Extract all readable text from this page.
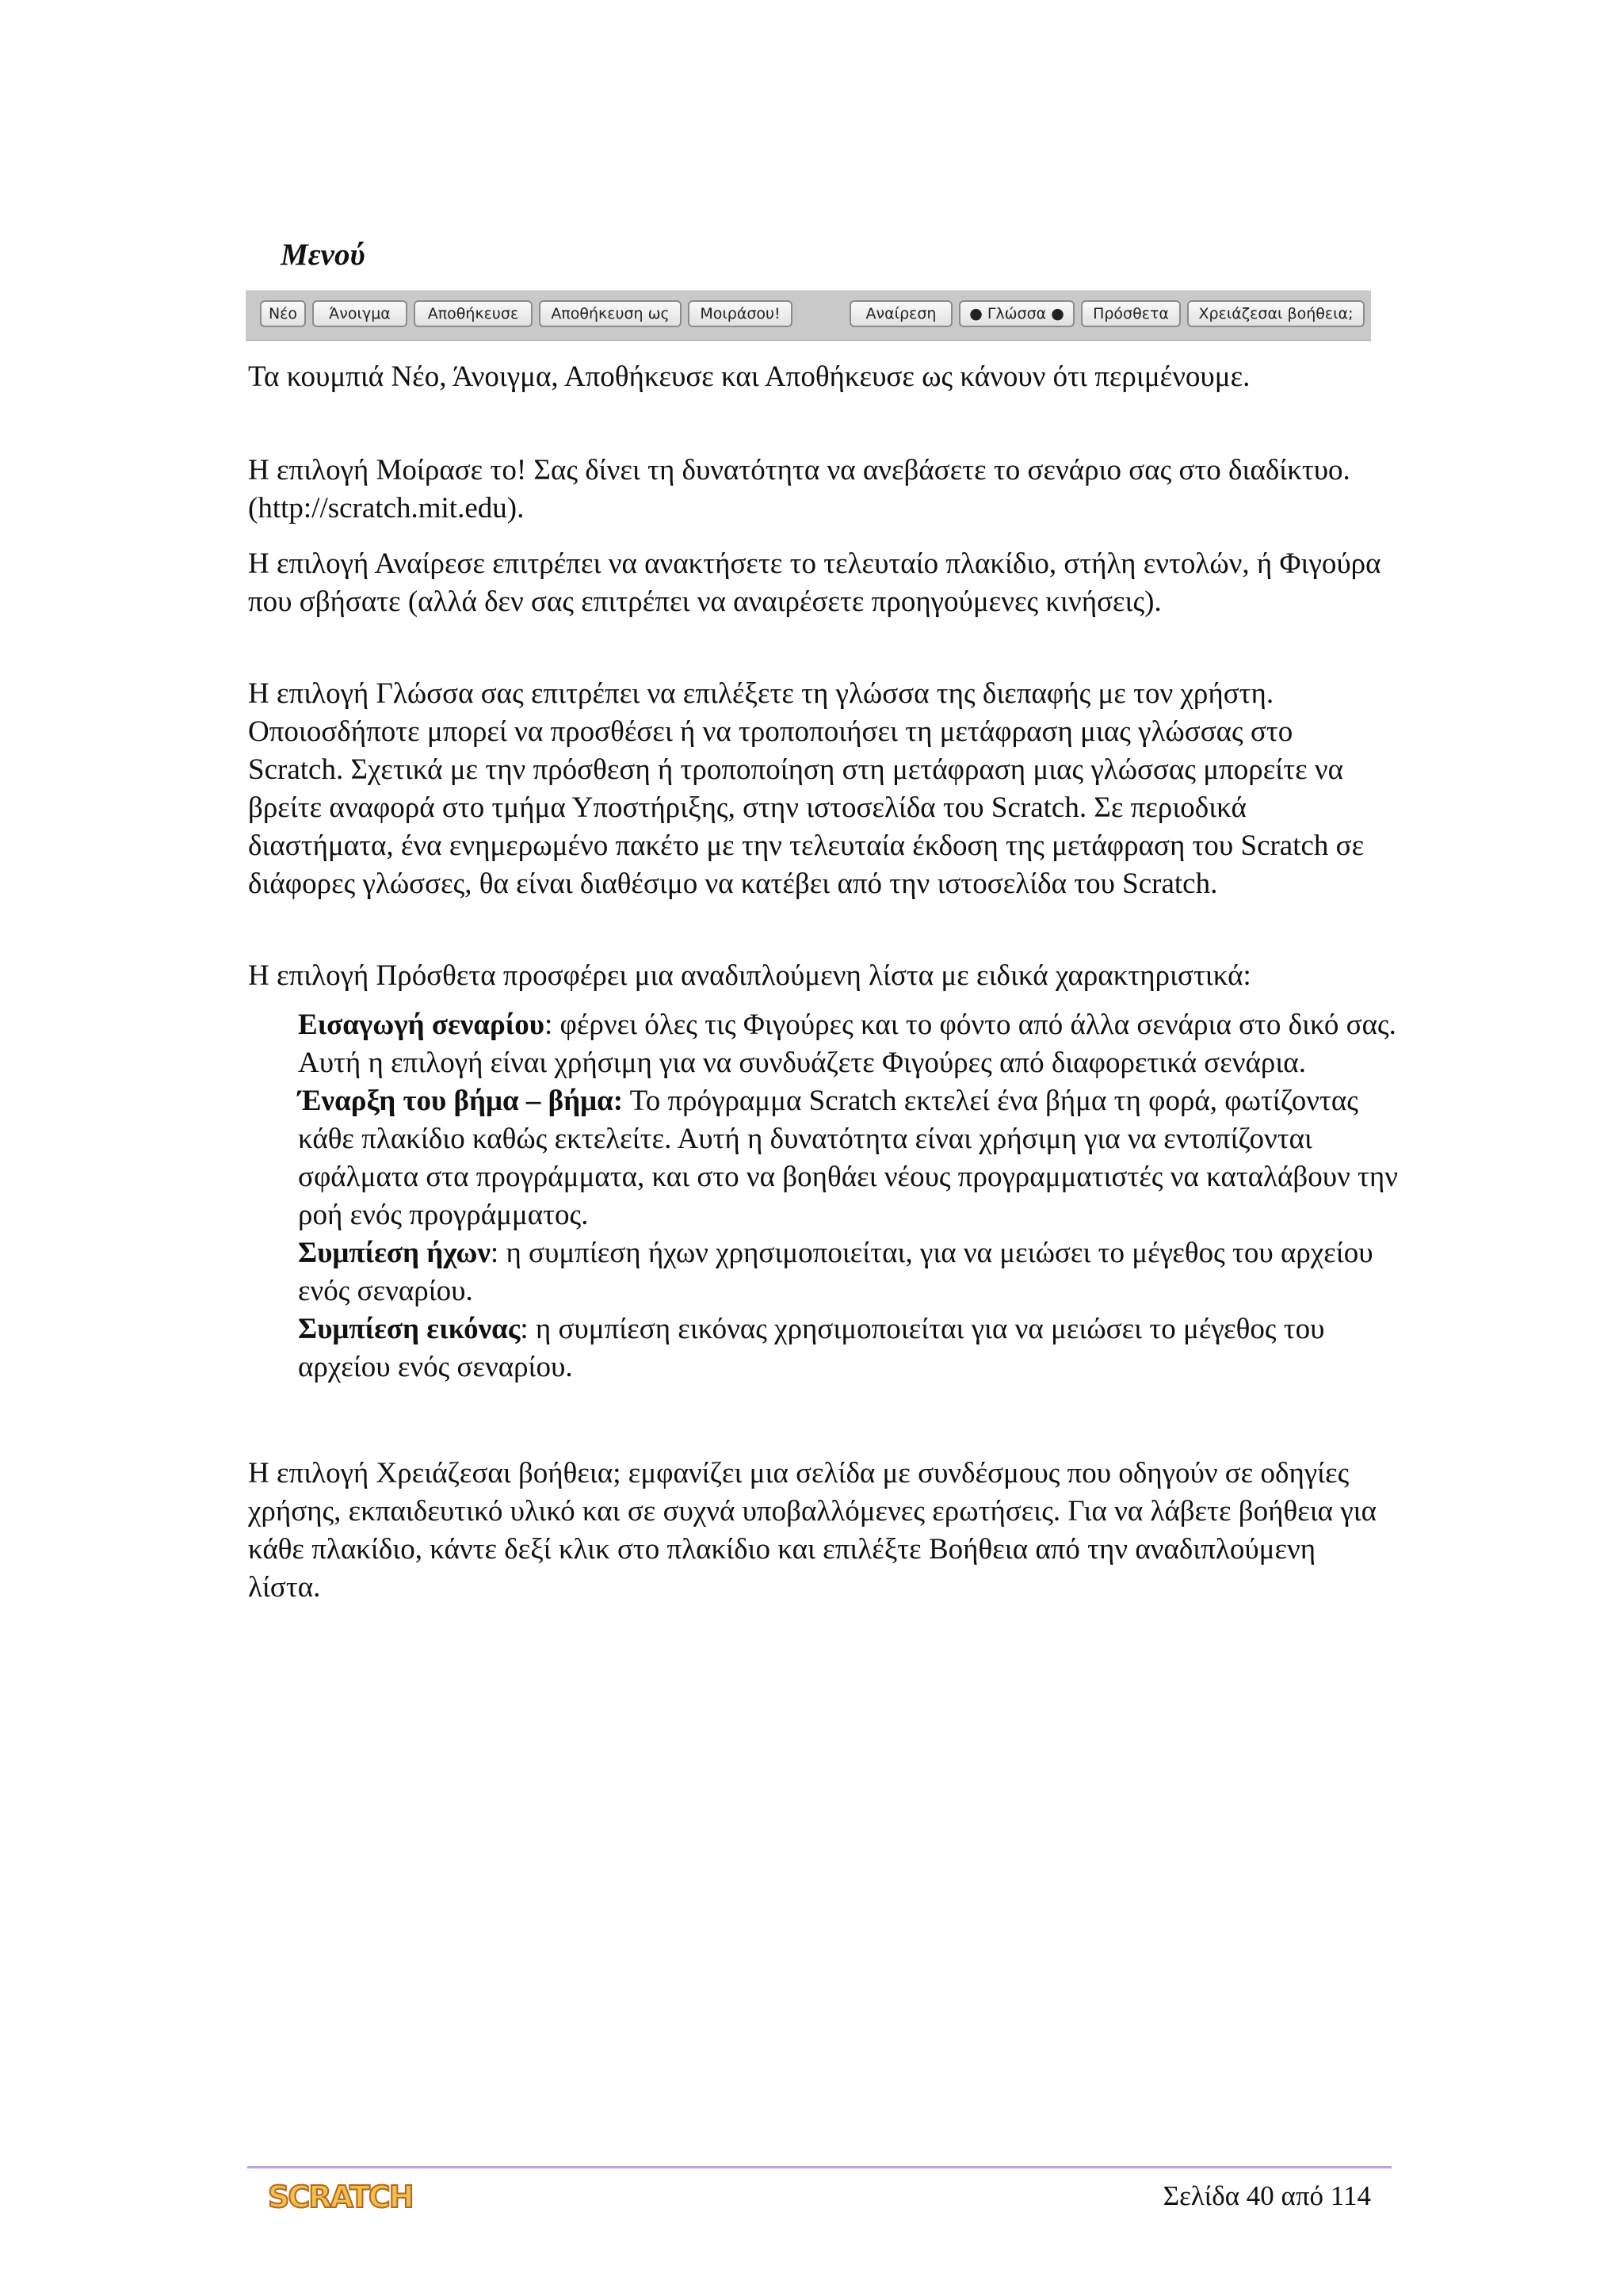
Μενού
Νέο	Άνοιγμα	Αποθήκευσε	Αποθήκευση ως	Μοιράσου!	Αναίρεση	● Γλώσσα ●	Πρόσθετα	Χρειάζεσαι βοήθεια;

Τα κουμπιά Νέο, Άνοιγμα, Αποθήκευσε και Αποθήκευσε ως κάνουν ότι περιμένουμε.

Η επιλογή Μοίρασε το! Σας δίνει τη δυνατότητα να ανεβάσετε το σενάριο σας στο διαδίκτυο. (http://scratch.mit.edu).

Η επιλογή Αναίρεσε επιτρέπει να ανακτήσετε το τελευταίο πλακίδιο, στήλη εντολών, ή Φιγούρα που σβήσατε (αλλά δεν σας επιτρέπει να αναιρέσετε προηγούμενες κινήσεις).

Η επιλογή Γλώσσα σας επιτρέπει να επιλέξετε τη γλώσσα της διεπαφής με τον χρήστη. Οποιοσδήποτε μπορεί να προσθέσει ή να τροποποιήσει τη μετάφραση μιας γλώσσας στο Scratch. Σχετικά με την πρόσθεση ή τροποποίηση στη μετάφραση μιας γλώσσας μπορείτε να βρείτε αναφορά στο τμήμα Υποστήριξης, στην ιστοσελίδα του Scratch. Σε περιοδικά διαστήματα, ένα ενημερωμένο πακέτο με την τελευταία έκδοση της μετάφραση του Scratch σε διάφορες γλώσσες, θα είναι διαθέσιμο να κατέβει από την ιστοσελίδα του Scratch.

Η επιλογή Πρόσθετα προσφέρει μια αναδιπλούμενη λίστα με ειδικά χαρακτηριστικά:

Εισαγωγή σεναρίου: φέρνει όλες τις Φιγούρες και το φόντο από άλλα σενάρια στο δικό σας. Αυτή η επιλογή είναι χρήσιμη για να συνδυάζετε Φιγούρες από διαφορετικά σενάρια.

Έναρξη του βήμα – βήμα: Το πρόγραμμα Scratch εκτελεί ένα βήμα τη φορά, φωτίζοντας κάθε πλακίδιο καθώς εκτελείτε. Αυτή η δυνατότητα είναι χρήσιμη για να εντοπίζονται σφάλματα στα προγράμματα, και στο να βοηθάει νέους προγραμματιστές να καταλάβουν την ροή ενός προγράμματος.

Συμπίεση ήχων: η συμπίεση ήχων χρησιμοποιείται, για να μειώσει το μέγεθος του αρχείου ενός σεναρίου.

Συμπίεση εικόνας: η συμπίεση εικόνας χρησιμοποιείται για να μειώσει το μέγεθος του αρχείου ενός σεναρίου.

Η επιλογή Χρειάζεσαι βοήθεια; εμφανίζει μια σελίδα με συνδέσμους που οδηγούν σε οδηγίες χρήσης, εκπαιδευτικό υλικό και σε συχνά υποβαλλόμενες ερωτήσεις. Για να λάβετε βοήθεια για κάθε πλακίδιο, κάντε δεξί κλικ στο πλακίδιο και επιλέξτε Βοήθεια από την αναδιπλούμενη λίστα.

SCRATCH	Σελίδα 40 από 114
